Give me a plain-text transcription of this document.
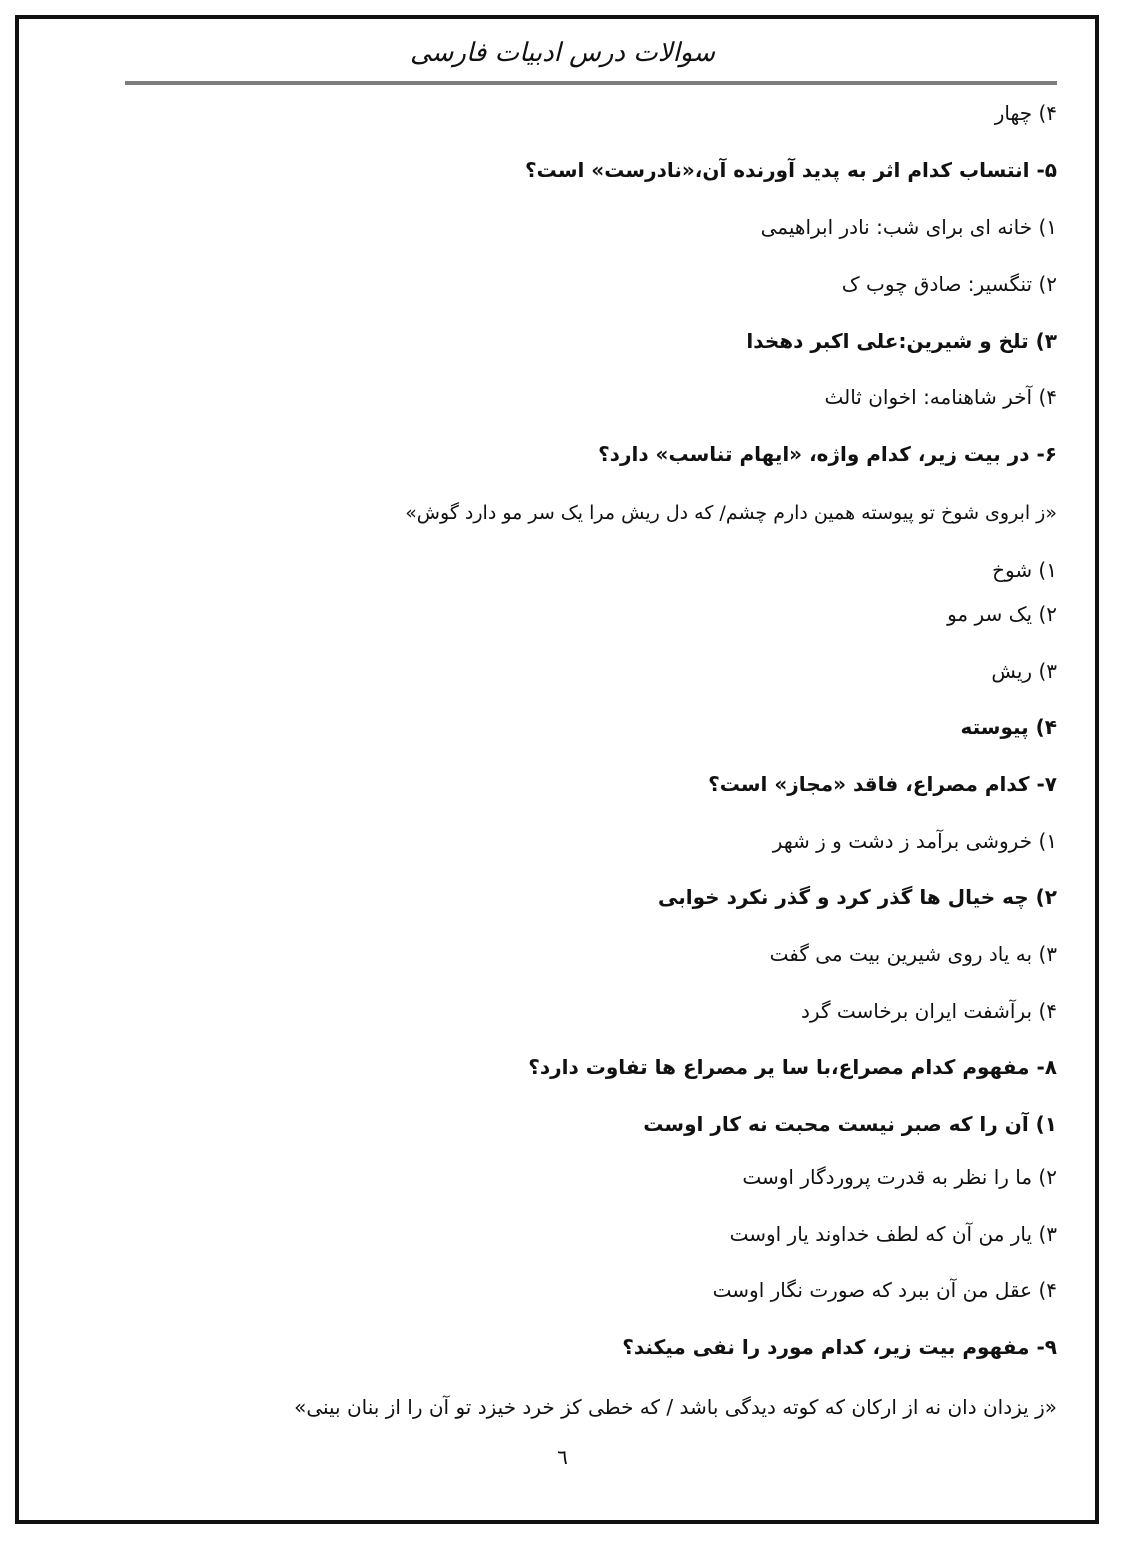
سوالات درس ادبیات فارسی
۴) چهار
۵- انتساب کدام اثر به پدید آورنده آن،«نادرست» است؟
۱) خانه ای برای شب: نادر ابراهیمی
۲) تنگسیر: صادق چوب ک
۳) تلخ و شیرین:علی اکبر دهخدا
۴) آخر شاهنامه: اخوان ثالث
۶- در بیت زیر، کدام واژه، «ایهام تناسب» دارد؟
«ز ابروی شوخ تو پیوسته همین دارم چشم/ که دل ریش مرا یک سر مو دارد گوش»
۱) شوخ
۲) یک سر مو
۳) ریش
۴) پیوسته
۷- کدام مصراع، فاقد «مجاز» است؟
۱) خروشی برآمد ز دشت و ز شهر
۲) چه خیال ها گذر کرد و گذر نکرد خوابی
۳) به یاد روی شیرین بیت می گفت
۴) برآشفت ایران برخاست گرد
۸- مفهوم کدام مصراع،با سا یر مصراع ها تفاوت دارد؟
۱) آن را که صبر نیست محبت نه کار اوست
۲) ما را نظر به قدرت پروردگار اوست
۳) یار من آن که لطف خداوند یار اوست
۴) عقل من آن ببرد که صورت نگار اوست
۹- مفهوم بیت زیر، کدام مورد را نفی میکند؟
«ز یزدان دان نه از ارکان که کوته دیدگی باشد / که خطی کز خرد خیزد تو آن را از بنان بینی»
٦
